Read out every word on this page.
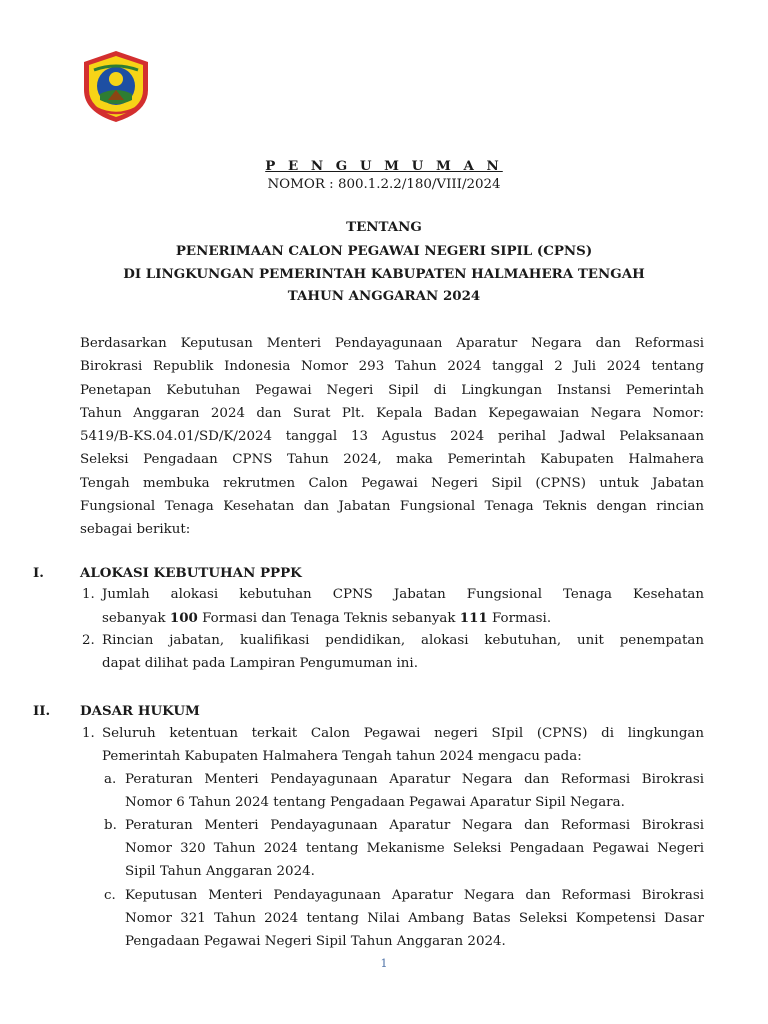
P E N G U M U M A N
NOMOR : 800.1.2.2/180/VIII/2024
TENTANG
PENERIMAAN CALON PEGAWAI NEGERI SIPIL (CPNS)
DI LINGKUNGAN PEMERINTAH KABUPATEN HALMAHERA TENGAH
TAHUN ANGGARAN 2024
Berdasarkan Keputusan Menteri Pendayagunaan Aparatur Negara dan Reformasi
Birokrasi Republik Indonesia Nomor 293 Tahun 2024 tanggal 2 Juli 2024 tentang
Penetapan Kebutuhan Pegawai Negeri Sipil di Lingkungan Instansi Pemerintah
Tahun Anggaran 2024 dan Surat Plt. Kepala Badan Kepegawaian Negara Nomor:
5419/B-KS.04.01/SD/K/2024 tanggal 13 Agustus 2024 perihal Jadwal Pelaksanaan
Seleksi Pengadaan CPNS Tahun 2024, maka Pemerintah Kabupaten Halmahera
Tengah membuka rekrutmen Calon Pegawai Negeri Sipil (CPNS) untuk Jabatan
Fungsional Tenaga Kesehatan dan Jabatan Fungsional Tenaga Teknis dengan rincian
sebagai berikut:
I.	ALOKASI KEBUTUHAN PPPK
1. Jumlah alokasi kebutuhan CPNS Jabatan Fungsional Tenaga Kesehatan
sebanyak 100 Formasi dan Tenaga Teknis sebanyak 111 Formasi.
2. Rincian jabatan, kualifikasi pendidikan, alokasi kebutuhan, unit penempatan
dapat dilihat pada Lampiran Pengumuman ini.
II. DASAR HUKUM
1. Seluruh ketentuan terkait Calon Pegawai negeri SIpil (CPNS) di lingkungan
Pemerintah Kabupaten Halmahera Tengah tahun 2024 mengacu pada:
a. Peraturan Menteri Pendayagunaan Aparatur Negara dan Reformasi Birokrasi
Nomor 6 Tahun 2024 tentang Pengadaan Pegawai Aparatur Sipil Negara.
b. Peraturan Menteri Pendayagunaan Aparatur Negara dan Reformasi Birokrasi
Nomor 320 Tahun 2024 tentang Mekanisme Seleksi Pengadaan Pegawai Negeri
Sipil Tahun Anggaran 2024.
c. Keputusan Menteri Pendayagunaan Aparatur Negara dan Reformasi Birokrasi
Nomor 321 Tahun 2024 tentang Nilai Ambang Batas Seleksi Kompetensi Dasar
Pengadaan Pegawai Negeri Sipil Tahun Anggaran 2024.
1
